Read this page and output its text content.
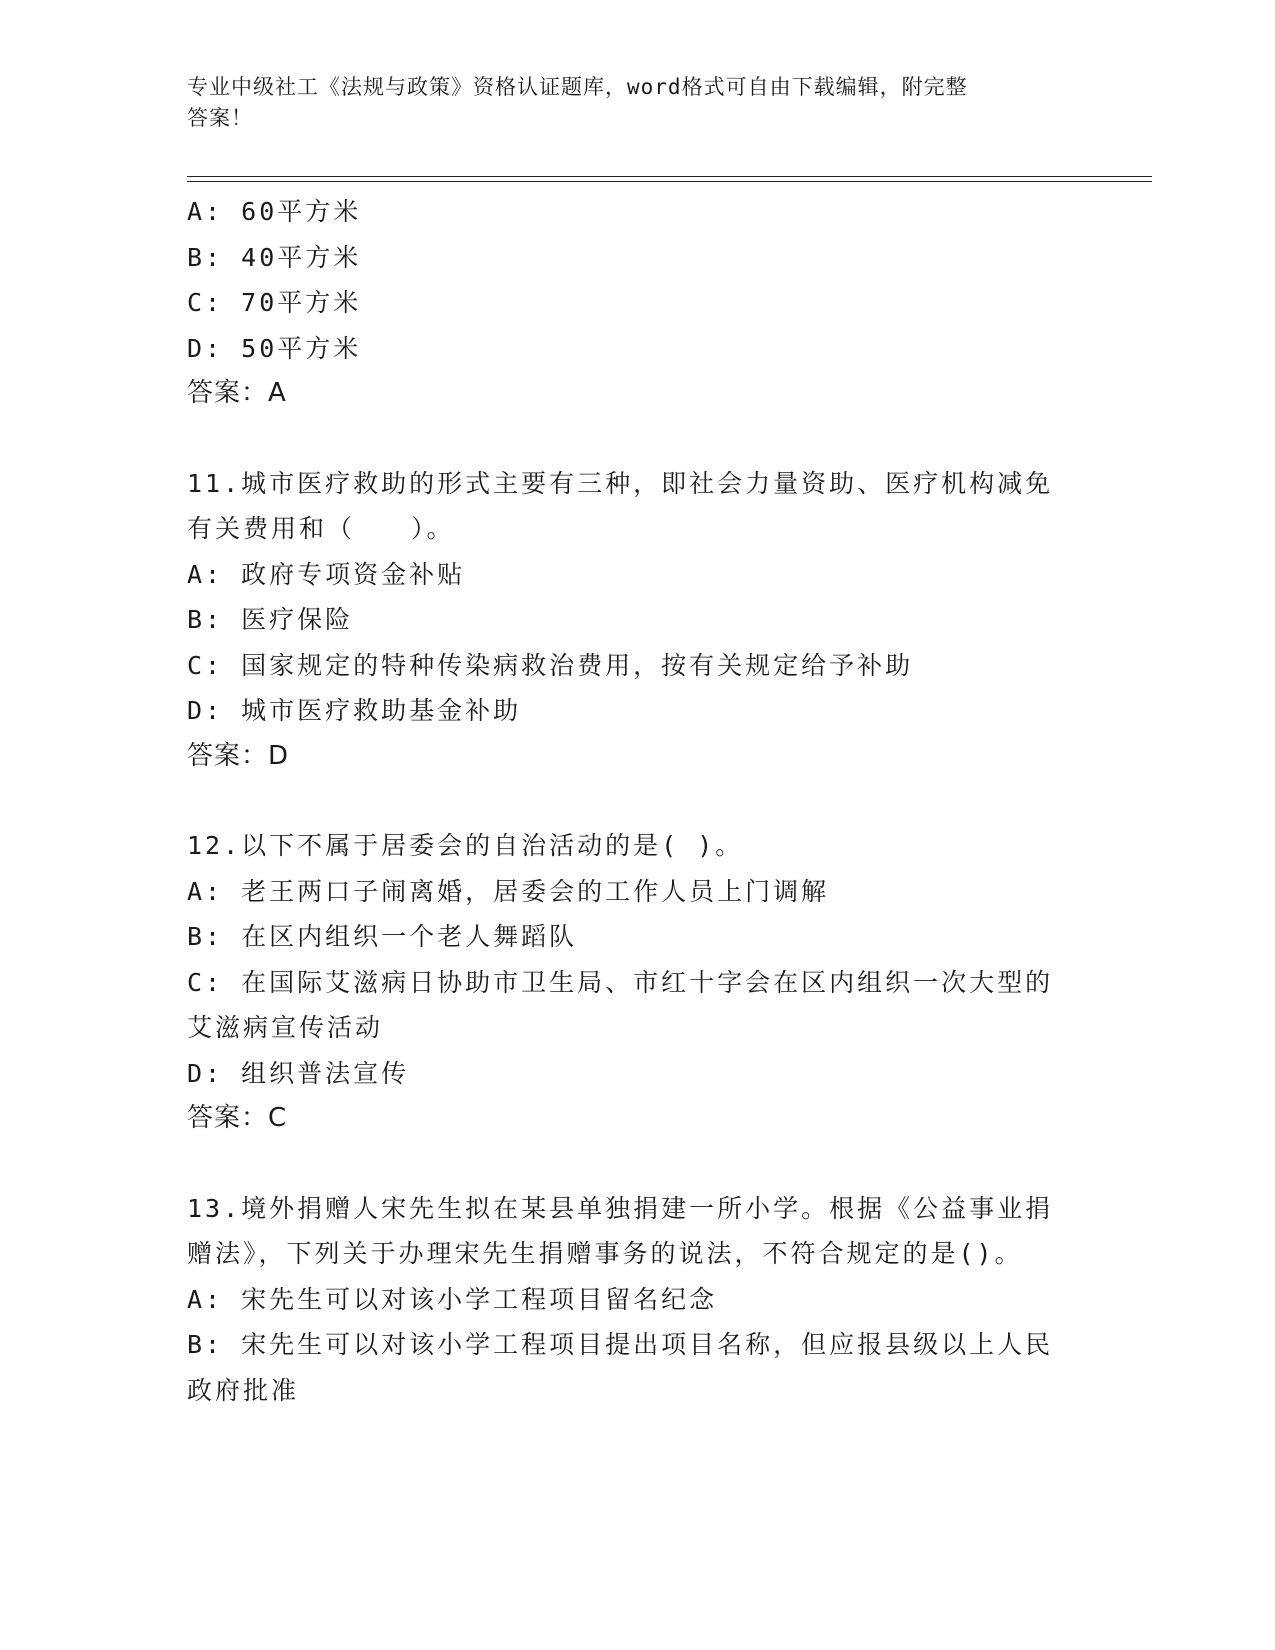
专业中级社工《法规与政策》资格认证题库，word格式可自由下载编辑，附完整
答案！
A: 60平方米
B: 40平方米
C: 70平方米
D: 50平方米
答案：A
11.城市医疗救助的形式主要有三种，即社会力量资助、医疗机构减免
有关费用和（　　）。
A: 政府专项资金补贴
B: 医疗保险
C: 国家规定的特种传染病救治费用，按有关规定给予补助
D: 城市医疗救助基金补助
答案：D
12.以下不属于居委会的自治活动的是( )。
A: 老王两口子闹离婚，居委会的工作人员上门调解
B: 在区内组织一个老人舞蹈队
C: 在国际艾滋病日协助市卫生局、市红十字会在区内组织一次大型的
艾滋病宣传活动
D: 组织普法宣传
答案：C
13.境外捐赠人宋先生拟在某县单独捐建一所小学。根据《公益事业捐
赠法》，下列关于办理宋先生捐赠事务的说法，不符合规定的是()。
A: 宋先生可以对该小学工程项目留名纪念
B: 宋先生可以对该小学工程项目提出项目名称，但应报县级以上人民
政府批准
